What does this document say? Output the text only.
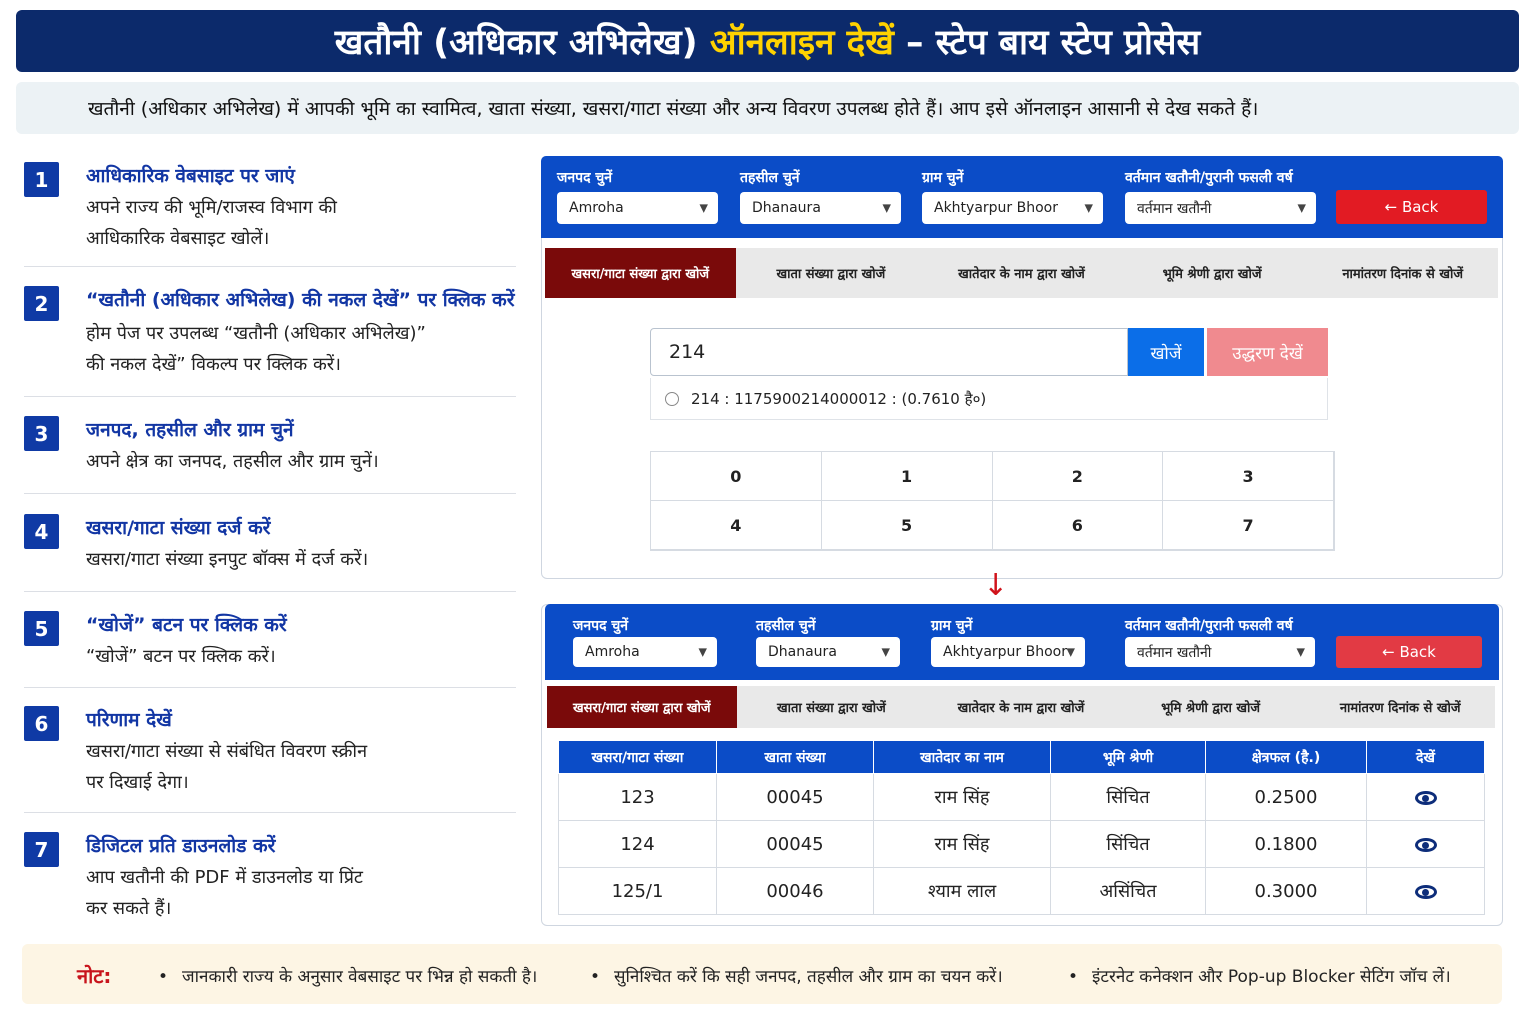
खतौनी (अधिकार अभिलेख)
ऑनलाइन देखें
– स्टेप बाय स्टेप प्रोसेस
खतौनी (अधिकार अभिलेख) में आपकी भूमि का स्वामित्व, खाता संख्या, खसरा/गाटा संख्या और अन्य विवरण उपलब्ध होते हैं। आप इसे ऑनलाइन आसानी से देख सकते हैं।
1	आधिकारिक वेबसाइट पर जाएं
अपने राज्य की भूमि/राजस्व विभाग की
आधिकारिक वेबसाइट खोलें।
2	“खतौनी (अधिकार अभिलेख) की नकल देखें” पर क्लिक करें
होम पेज पर उपलब्ध “खतौनी (अधिकार अभिलेख)”
की नकल देखें” विकल्प पर क्लिक करें।
3	जनपद, तहसील और ग्राम चुनें
अपने क्षेत्र का जनपद, तहसील और ग्राम चुनें।
4	खसरा/गाटा संख्या दर्ज करें
खसरा/गाटा संख्या इनपुट बॉक्स में दर्ज करें।
5	“खोजें” बटन पर क्लिक करें
“खोजें” बटन पर क्लिक करें।
6	परिणाम देखें
खसरा/गाटा संख्या से संबंधित विवरण स्क्रीन
पर दिखाई देगा।
7	डिजिटल प्रति डाउनलोड करें
आप खतौनी की PDF में डाउनलोड या प्रिंट
कर सकते हैं।
जनपद चुनें	तहसील चुनें	ग्राम चुनें	वर्तमान खतौनी/पुरानी फसली वर्ष
Amroha	▼	Dhanaura	▼	Akhtyarpur Bhoor ▼	वर्तमान खतौनी	▼	← Back
खसरा/गाटा संख्या द्वारा खोजें	खाता संख्या द्वारा खोजें	खातेदार के नाम द्वारा खोजें	भूमि श्रेणी द्वारा खोजें	नामांतरण दिनांक से खोजें
214	खोजें	उद्धरण देखें
214 : 1175900214000012 : (0.7610 है०)
0	1	2	3
4	5	6	7
↓
जनपद चुनें	तहसील चुनें	ग्राम चुनें	वर्तमान खतौनी/पुरानी फसली वर्ष
Amroha	▼	Dhanaura	▼	Akhtyarpur Bhoor ▼	वर्तमान खतौनी	▼	← Back
खसरा/गाटा संख्या द्वारा खोजें	खाता संख्या द्वारा खोजें	खातेदार के नाम द्वारा खोजें	भूमि श्रेणी द्वारा खोजें	नामांतरण दिनांक से खोजें
खसरा/गाटा संख्या	खाता संख्या	खातेदार का नाम	भूमि श्रेणी	क्षेत्रफल (है.)	देखें
123	00045	राम सिंह	सिंचित	0.2500	
124	00045	राम सिंह	सिंचित	0.1800	
125/1	00046	श्याम लाल	असिंचित	0.3000	
नोट:	• जानकारी राज्य के अनुसार वेबसाइट पर भिन्न हो सकती है।	• सुनिश्चित करें कि सही जनपद, तहसील और ग्राम का चयन करें।	• इंटरनेट कनेक्शन और Pop-up Blocker सेटिंग जॉच लें।
